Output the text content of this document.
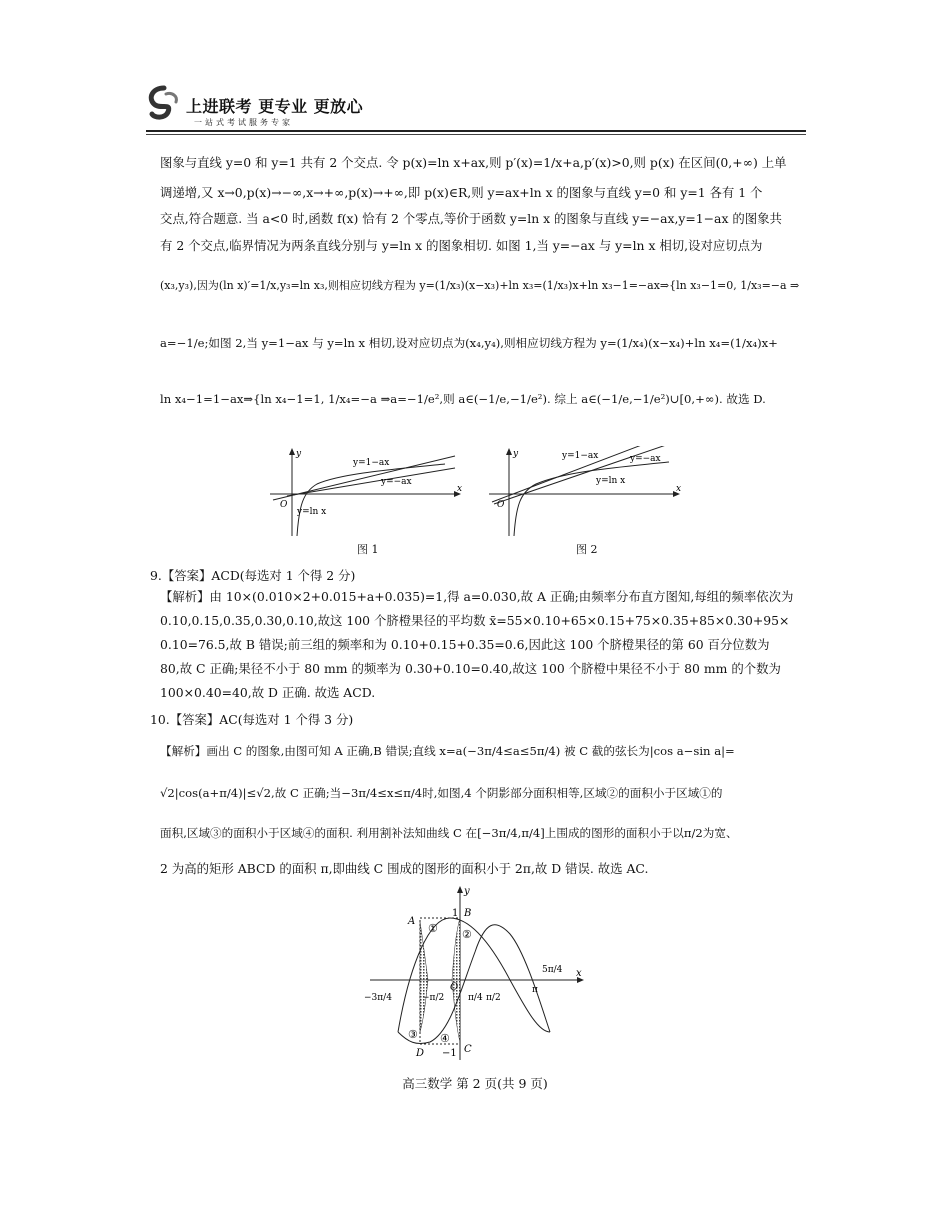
上进联考 更专业 更放心
一站式考试服务专家
图象与直线 y=0 和 y=1 共有 2 个交点. 令 p(x)=ln x+ax,则 p′(x)=1/x+a,p′(x)>0,则 p(x) 在区间(0,+∞) 上单
调递增,又 x→0,p(x)→−∞,x→+∞,p(x)→+∞,即 p(x)∈R,则 y=ax+ln x 的图象与直线 y=0 和 y=1 各有 1 个
交点,符合题意. 当 a<0 时,函数 f(x) 恰有 2 个零点,等价于函数 y=ln x 的图象与直线 y=−ax,y=1−ax 的图象共
有 2 个交点,临界情况为两条直线分别与 y=ln x 的图象相切. 如图 1,当 y=−ax 与 y=ln x 相切,设对应切点为
(x₃,y₃),因为(ln x)′=1/x,y₃=ln x₃,则相应切线方程为 y=(1/x₃)(x−x₃)+ln x₃=(1/x₃)x+ln x₃−1=−ax⇒{ln x₃−1=0, 1/x₃=−a ⇒
a=−1/e;如图 2,当 y=1−ax 与 y=ln x 相切,设对应切点为(x₄,y₄),则相应切线方程为 y=(1/x₄)(x−x₄)+ln x₄=(1/x₄)x+
ln x₄−1=1−ax⇒{ln x₄−1=1, 1/x₄=−a ⇒a=−1/e²,则 a∈(−1/e,−1/e²). 综上 a∈(−1/e,−1/e²)∪[0,+∞). 故选 D.
y=1−ax
y=−ax
y=ln x
x
y
O
图 1
y=1−ax	y=−ax
y=ln x
x
y
O
图 2
9.【答案】ACD(每选对 1 个得 2 分)
【解析】由 10×(0.010×2+0.015+a+0.035)=1,得 a=0.030,故 A 正确;由频率分布直方图知,每组的频率依次为
0.10,0.15,0.35,0.30,0.10,故这 100 个脐橙果径的平均数 x̄=55×0.10+65×0.15+75×0.35+85×0.30+95×
0.10=76.5,故 B 错误;前三组的频率和为 0.10+0.15+0.35=0.6,因此这 100 个脐橙果径的第 60 百分位数为
80,故 C 正确;果径不小于 80 mm 的频率为 0.30+0.10=0.40,故这 100 个脐橙中果径不小于 80 mm 的个数为
100×0.40=40,故 D 正确. 故选 ACD.
10.【答案】AC(每选对 1 个得 3 分)
【解析】画出 C 的图象,由图可知 A 正确,B 错误;直线 x=a(−3π/4≤a≤5π/4) 被 C 截的弦长为|cos a−sin a|=
√2|cos(a+π/4)|≤√2,故 C 正确;当−3π/4≤x≤π/4时,如图,4 个阴影部分面积相等,区域②的面积小于区域①的
面积,区域③的面积小于区域④的面积. 利用割补法知曲线 C 在[−3π/4,π/4]上围成的图形的面积小于以π/2为宽、
2 为高的矩形 ABCD 的面积 π,即曲线 C 围成的图形的面积小于 2π,故 D 错误. 故选 AC.
A
B
C
D
O
1
−1
x
y
① ②
③ ④
−3π/4	−π/2	π/4 π/2
π
5π/4
高三数学 第 2 页(共 9 页)
